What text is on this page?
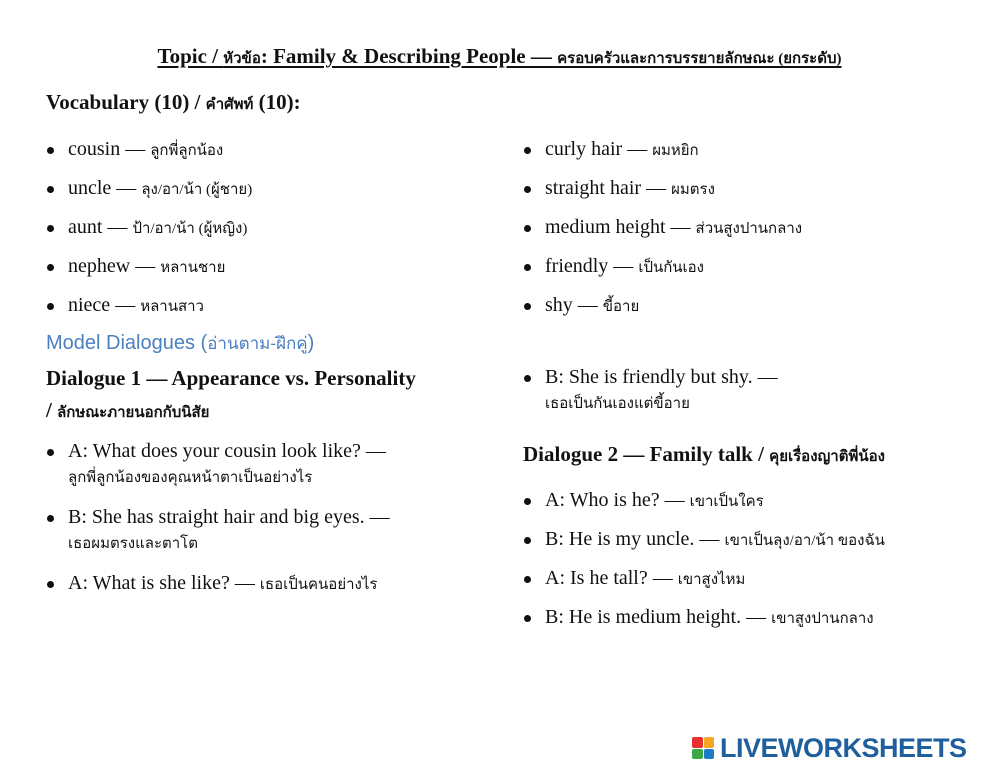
Topic / หัวข้อ: Family & Describing People — ครอบครัวและการบรรยายลักษณะ (ยกระดับ)
Vocabulary (10) / คำศัพท์ (10):
cousin — ลูกพี่ลูกน้อง
uncle — ลุง/อา/น้า (ผู้ชาย)
aunt — ป้า/อา/น้า (ผู้หญิง)
nephew — หลานชาย
niece — หลานสาว
curly hair — ผมหยิก
straight hair — ผมตรง
medium height — ส่วนสูงปานกลาง
friendly — เป็นกันเอง
shy — ขี้อาย
Model Dialogues (อ่านตาม-ฝึกคู่)
Dialogue 1 — Appearance vs. Personality
/ ลักษณะภายนอกกับนิสัย
A: What does your cousin look like? —
ลูกพี่ลูกน้องของคุณหน้าตาเป็นอย่างไร
B: She has straight hair and big eyes. —
เธอผมตรงและตาโต
A: What is she like? — เธอเป็นคนอย่างไร
B: She is friendly but shy. —
เธอเป็นกันเองแต่ขี้อาย
Dialogue 2 — Family talk / คุยเรื่องญาติพี่น้อง
A: Who is he? — เขาเป็นใคร
B: He is my uncle. — เขาเป็นลุง/อา/น้า ของฉัน
A: Is he tall? — เขาสูงไหม
B: He is medium height. — เขาสูงปานกลาง
LIVEWORKSHEETS
